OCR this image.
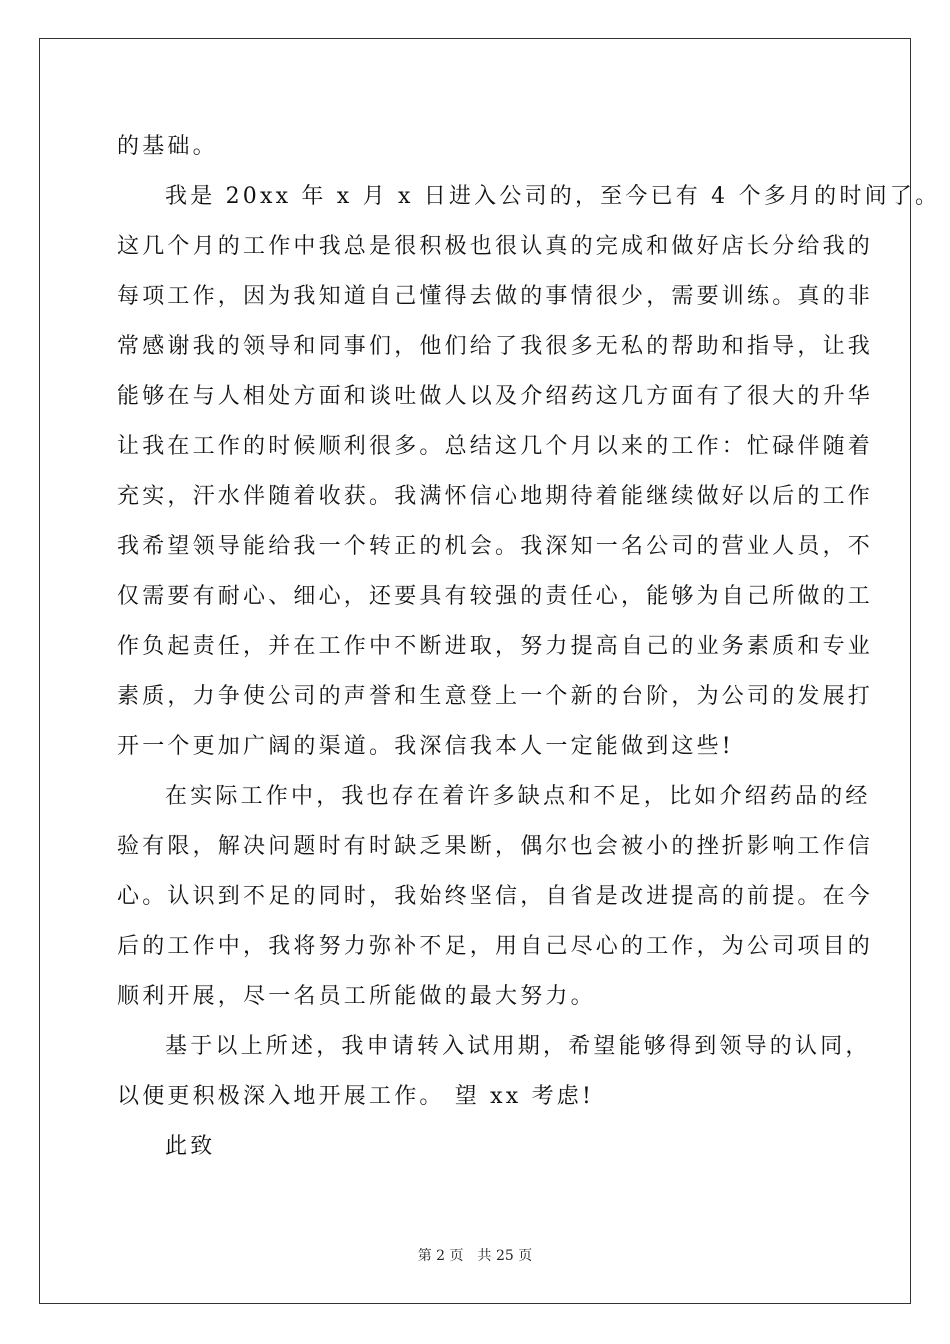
的基础。
我是 20xx 年 x 月 x 日进入公司的，至今已有 4 个多月的时间了。
这几个月的工作中我总是很积极也很认真的完成和做好店长分给我的
每项工作，因为我知道自己懂得去做的事情很少，需要训练。真的非
常感谢我的领导和同事们，他们给了我很多无私的帮助和指导，让我
能够在与人相处方面和谈吐做人以及介绍药这几方面有了很大的升华
让我在工作的时候顺利很多。总结这几个月以来的工作：忙碌伴随着
充实，汗水伴随着收获。我满怀信心地期待着能继续做好以后的工作
我希望领导能给我一个转正的机会。我深知一名公司的营业人员，不
仅需要有耐心、细心，还要具有较强的责任心，能够为自己所做的工
作负起责任，并在工作中不断进取，努力提高自己的业务素质和专业
素质，力争使公司的声誉和生意登上一个新的台阶，为公司的发展打
开一个更加广阔的渠道。我深信我本人一定能做到这些!
在实际工作中，我也存在着许多缺点和不足，比如介绍药品的经
验有限，解决问题时有时缺乏果断，偶尔也会被小的挫折影响工作信
心。认识到不足的同时，我始终坚信，自省是改进提高的前提。在今
后的工作中，我将努力弥补不足，用自己尽心的工作，为公司项目的
顺利开展，尽一名员工所能做的最大努力。
基于以上所述，我申请转入试用期，希望能够得到领导的认同，
以便更积极深入地开展工作。 望 xx 考虑!
此致
第 2 页 共 25 页
